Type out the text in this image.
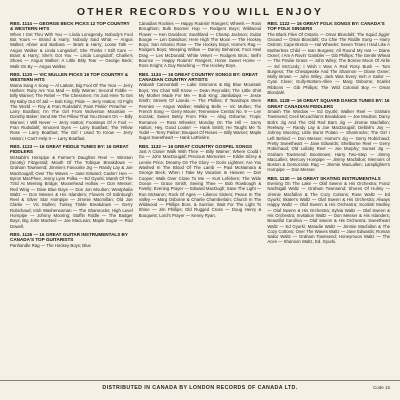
OTHER RECORDS YOU WILL ENJOY
RBS. 1114 — GEORGE BECK PICKS 12 TOP COUNTRY & WESTERN HITS
When I Get Thru With You — Linda Lonsgendy, Nobody's Fool But Yours — Brand & Harry; Nobody Said What — Angus Walker; Abner and Barbara — Brant & Harry; Loose Talk — Angus Walker & Linda Longsdorf, She Thinks I Still Care — Brant & Harry; She's Got You — Linda Longsdorf; Charlie's Shoes — Angus Walker; A Little Bitty Tear — George Beck; Walk On By — Angus Walker.
RBS. 1120 — VIC MULLEN PICKS 16 TOP COUNTRY & WESTERN HITS
Mama Sang A Song — Al Lattam; Big Fool Of The Year — Jerry Hathen; Ruby Are You Mad — Billy Warner; Second Fiddle — Billy Warner; The Rebel — The Chessmen; I'm Just Here To Get My Baby Out Of Jail — Bob King; Pride — Jerry Hatton; I'd Fight The World — Roy & Fran Rudsdahl; Paint Pinkie' Preacher — Larry Boatfast; I'm The Girl From Wolverton Mountain — Dorothy Baker; Send Me The Pillow That You Dream On — Billy Warner; I Will Never — Jerry Hatton; Footsteps Of A Fool — Fran Rudsdahl; Innocent Eyes — Larry Boatfast; The Yellow Rose — Larry Boatfast; The Girl I Used To Know — Jerry Hatton; I Can't Help It — Larry Boatfast.
RBS. 1123 — 16 GREAT FIDDLE TUNES BY: 16 GREAT FIDDLERS
McNabb's Hornpipe & Farmer's Daughter Reel — Winston (Scotty) Fitzgerald; Mouth Of The Tobique Breakdown — Graham Townsend; Jimmie's Favourite Jig — Randy Lay & Joe MacDougall; Over The Waves — Jane Edward; Cackin' Hen — Byron MacPhee; Jenny Lynn Polka — Ed Gyurki; Marsh Of The 73rd At Meeting Bridge; Moosehead Hollow — Don Messer; Red Wing — Dixie Blue Boys — Don Jon Moulton; Westphalia Waltz — Don Messer & His Islanders; Flowers Of Edinburgh Reel & Silver Star Hornpipe — Jimmie Macmillan; Old Joe Clarke — Vic Mullen; Turkey Tinkle Breakdown — Gerry Robichaud; Irish Washerwoman — The Shamrocks; High Level Hornpipe — Johnny Mooring; Stoffin Fiddle — The Badger Boys; Big John MacNeil — Joe MacLean; Maple Sugar — Rod Dowell.
RBS. 1126 — 16 GREAT GUITAR INSTRUMENTALS BY CANADA'S TOP GUITARISTS
Panhandle Rag — The Hockey Boys; Blue
Canadian Rockies — Happy Roamin' Rangers; Wheels — Ross Broughton; Bulk Boomer Hop — Rodgers Boys; Wildwood Flower — Ken Davidson; Southland — Champ Jackson; Guitar Boogie — Len Davidson; Here High The Moon — The Hockey Boys; San Antonio Rose — The Hockey Boys; Home's Rag — Rodgers Boys; Weeping Willow — Danny Behanna; Foot Heel Drag — Les McDonald; White Velvet — Rodgers Bros.; Bell's Bounce — Happy Roamin' Rangers; Home Sweet Home — Ross Knight; A Guy Reaching — The Hockey Boys.
RBS. 1134 — 16 GREAT COUNTRY SONGS BY: GREAT CANADIAN COUNTRY ARTISTS
Wabash Cannonball — Lake Simmons & Big Blue Mountain Boys; Yes Chair Will Know — Dean Reynolds; The Little Shirt My Mother Made For Me — Bob King; Jambalaya — Jesse Smith; Streets Of Laredo — The Phillins; If Teardrops Were Pennies — Angus Walker; Walking Bells — Vic Mullen; The French Song — Gerry Moore; Tennessee Central No. 9 — Len Kozzak; Sweet Betsy From Pike — Abig Osborne; Tropic Romance — Ross Wheeler; Monday On The Hill — Gerry Hatton; Hey, Good Lookin' — Hank Smith; He Taught Me To Yodel — Terry Parker; Bouquet Of Roses — Billy Warner; Maple Sugar Sweetheart — Hank LaRivière.
RBS. 1132 — 16 GREAT COUNTRY GOSPEL SONGS
Just A Closer Walk With Thee — Billy Warner; Where Could I Go — John MacDougall; Precious Memories — Eddie Silzey & Lennie Price; Dreamy On The Glory — Doris Lightner; Are You Washed In The Blood Of The Lamb — Paul McNamara & George Beck; When I Take My Vacation In Heaven — Don Cooper; Walk Over Close To Me — Kurt Lefebvre; The Wide Ocean — Grace Smith; Seeing Thee — Bob Rowbough & Family; Evening Prayer — Edward MacDugh; Save The Light — Ron McNaron; Rock Of Ages — Lilteroo Sisters; Peace In The Valley — Marg Osborne & Charlie Chamberlain; Church In The Wildwood — Phillips Bros. & Sunrise; Wait For The Light To Shine — Jim Phillips; Old Rugged Cross — Doug Henry & Bouquets; Lord's Prayer — Kenny Ryan.
RBS. 1122 — 16 GREAT FOLK SONGS BY: CANADA'S TOP FOLK SINGERS
The Black Flies Of Ontario — Omar Blondahl; The Squid Jiggin' Ground — Omar Blondahl; Go Chie The Riddle Song — Harry Ostrom; Cape Breton — Hal Wheeler; Seven Times I Had Like A Motherless Child — Ivan Burgess; All Round My Hat — Diane Oxner; I Am A Rovin' Gambler — Gib Phillips; The Gentle Wheat — The Prairie Grass — John Wiley; The Bonnie Moon Of Airlie — Ed McCurdy; I Wish I Was A Red Rosy Bush — Tom Burgess; The Chesapeake And The Shannon — Diane Oxner; Molly Brown — John Wiley; Jack Was Every Inch A Sailor — Cyan Close; Gully-Bottom-Allen — Marg Osborne; Scarlet Ribbons — Gib Phillips; The Wild Colonial Boy — Omar Blondahl.
RBS. 1128 — 16 GREAT SQUARE DANCE TUNES BY: 16 GREAT CANADIAN FIDDLERS
Smash The Window — Ed Gyurki; Walker Reel — Graham Townsend; Cecil McLachlan's Breakdown — Joe Moulton; Darcy Bob's Jig And The Old Red Barn Jig — Jimmie Macfallon; Reelway — Randy Lay & Joe MacDougall; Delilah's Joy — Johnny Mooring; Little Burnt Potato — Shamrocks; The Girl I Left Behind — Don Messer; Homer's Jig — Gerry Robichaud; Pretty Sweetheart — Jane Edwards; Shelburne Reel — Gerry Robichaud; Old Lullaby Reel — Joe Murphy; Sunset Jig — Graham Townsend; Boomtown; Harry Two-Step — Jimmy MacLallen; Mercury Hornpipe — Jimmy Macfallon; Memoirs of Boston & Democratic Rag — Jimmie MacLallen; Lamplighter's Hornpipe — Don Messer.
RBS. 1130 — 16 GREAT SKATING INSTRUMENTALS
Evening On The Lake — Olaf Swenn & His Orchestra; Franz Nachtigall Waltz — Graham Townsend; Shores Of Hulmy — Jimmie Macfallon & The Cozy Cottons; Rose Waltz — Ed Gyurki; Skater's Waltz — Olaf Swenn & His Orchestra; Always Happy Waltz — Olaf Swenn & His Orchestra; Scottish Medley — Olaf Swenn & His Orchestra; Sylvia Waltz — Olaf Swenn & His Orchestra; Invitation Waltz — Don Messer & His Islanders; Beautiful Carolina — Olaf Swenn & His Orchestra; Sweetheart Waltz — Ed Gyurki; Maradie Waltz — Jimmie Macfallon & The Cozy Cottons; Over The Waves Waltz — Jane Edwards; Roman Sailor Waltz — Graham Townsend; Honeymoon Waltz — The Aces — Shannon Waltz, Ed. Gyurki.
DISTRIBUTED IN CANADA BY LONDON RECORDS OF CANADA LTD.	Code 15
